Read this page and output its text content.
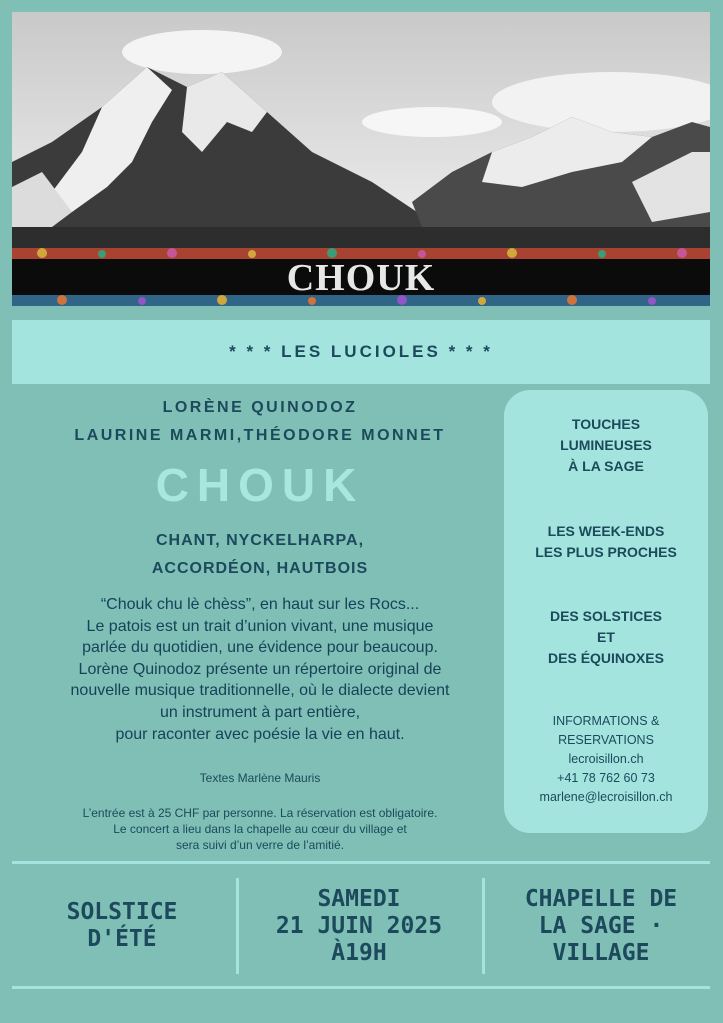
CHOUK
* * * LES LUCIOLES * * *
LORÈNE QUINODOZ
LAURINE MARMI,THÉODORE MONNET
CHOUK
CHANT, NYCKELHARPA,
ACCORDÉON, HAUTBOIS
“Chouk chu lè chèss”, en haut sur les Rocs...
Le patois est un trait d’union vivant, une musique
parlée du quotidien, une évidence pour beaucoup.
Lorène Quinodoz présente un répertoire original de
nouvelle musique traditionnelle, où le dialecte devient
un instrument à part entière,
pour raconter avec poésie la vie en haut.
Textes Marlène Mauris
L’entrée est à 25 CHF par personne. La réservation est obligatoire.
Le concert a lieu dans la chapelle au cœur du village et
sera suivi d’un verre de l’amitié.
TOUCHES
LUMINEUSES
À LA SAGE
LES WEEK-ENDS
LES PLUS PROCHES
DES SOLSTICES
ET
DES ÉQUINOXES
INFORMATIONS &
RESERVATIONS
lecroisillon.ch
+41 78 762 60 73
marlene@lecroisillon.ch
SOLSTICE
D'ÉTÉ
SAMEDI
21 JUIN 2025
À19H
CHAPELLE DE
LA SAGE · VILLAGE
